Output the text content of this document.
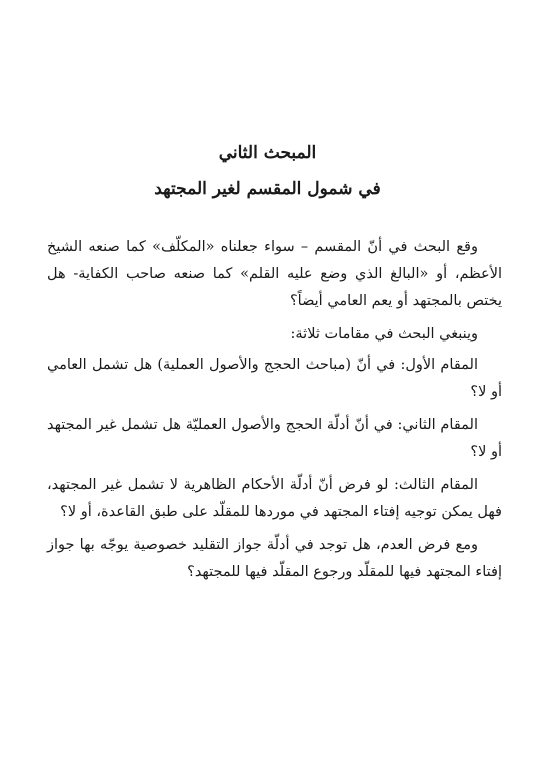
المبحث الثاني
في شمول المقسم لغير المجتهد

وقع البحث في أنّ المقسم – سواء جعلناه «المكلّف» كما صنعه الشيخ الأعظم، أو «البالغ الذي وضع عليه القلم» كما صنعه صاحب الكفاية- هل يختص بالمجتهد أو يعم العامي أيضاً؟

وينبغي البحث في مقامات ثلاثة:

المقام الأول: في أنّ (مباحث الحجج والأصول العملية) هل تشمل العامي أو لا؟

المقام الثاني: في أنّ أدلّة الحجج والأصول العمليّة هل تشمل غير المجتهد أو لا؟

المقام الثالث: لو فرض أنّ أدلّة الأحكام الظاهرية لا تشمل غير المجتهد، فهل يمكن توجيه إفتاء المجتهد في موردها للمقلّد على طبق القاعدة، أو لا؟

ومع فرض العدم، هل توجد في أدلّة جواز التقليد خصوصية يوجّه بها جواز إفتاء المجتهد فيها للمقلّد ورجوع المقلّد فيها للمجتهد؟
